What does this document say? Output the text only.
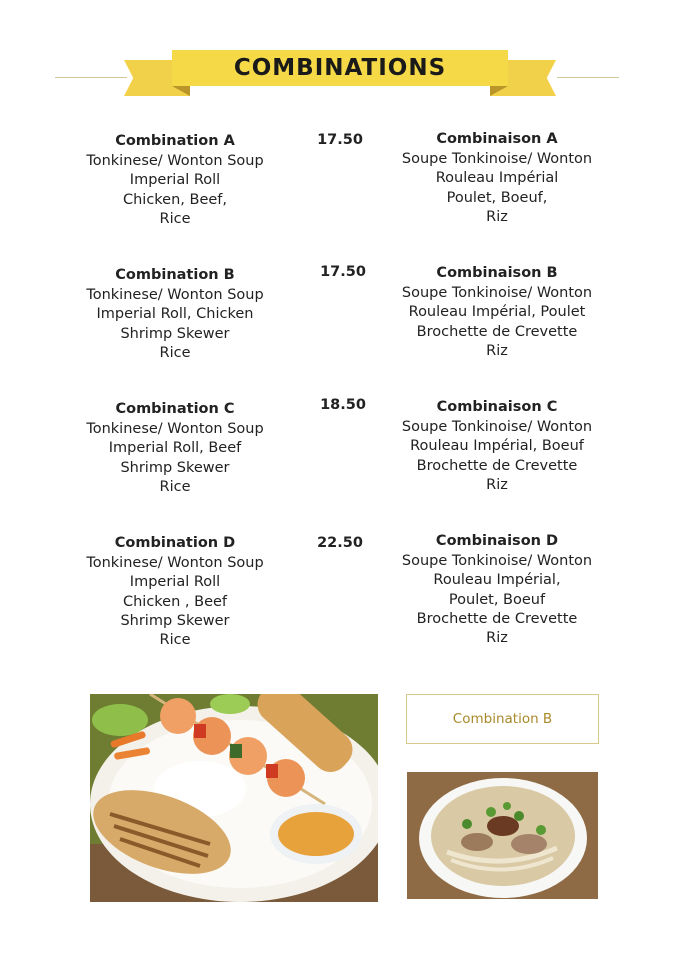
COMBINATIONS
Combination A
Tonkinese/ Wonton Soup
Imperial Roll
Chicken, Beef,
Rice
17.50	Combinaison A
Soupe Tonkinoise/ Wonton
Rouleau Impérial
Poulet, Boeuf,
Riz
Combination B
Tonkinese/ Wonton Soup
Imperial Roll, Chicken
Shrimp Skewer
Rice
17.50	Combinaison B
Soupe Tonkinoise/ Wonton
Rouleau Impérial, Poulet
Brochette de Crevette
Riz
Combination C
Tonkinese/ Wonton Soup
Imperial Roll, Beef
Shrimp Skewer
Rice
18.50	Combinaison C
Soupe Tonkinoise/ Wonton
Rouleau Impérial, Boeuf
Brochette de Crevette
Riz
Combination D
Tonkinese/ Wonton Soup
Imperial Roll
Chicken , Beef
Shrimp Skewer
Rice
22.50	Combinaison D
Soupe Tonkinoise/ Wonton
Rouleau Impérial,
Poulet, Boeuf
Brochette de Crevette
Riz
Combination B
